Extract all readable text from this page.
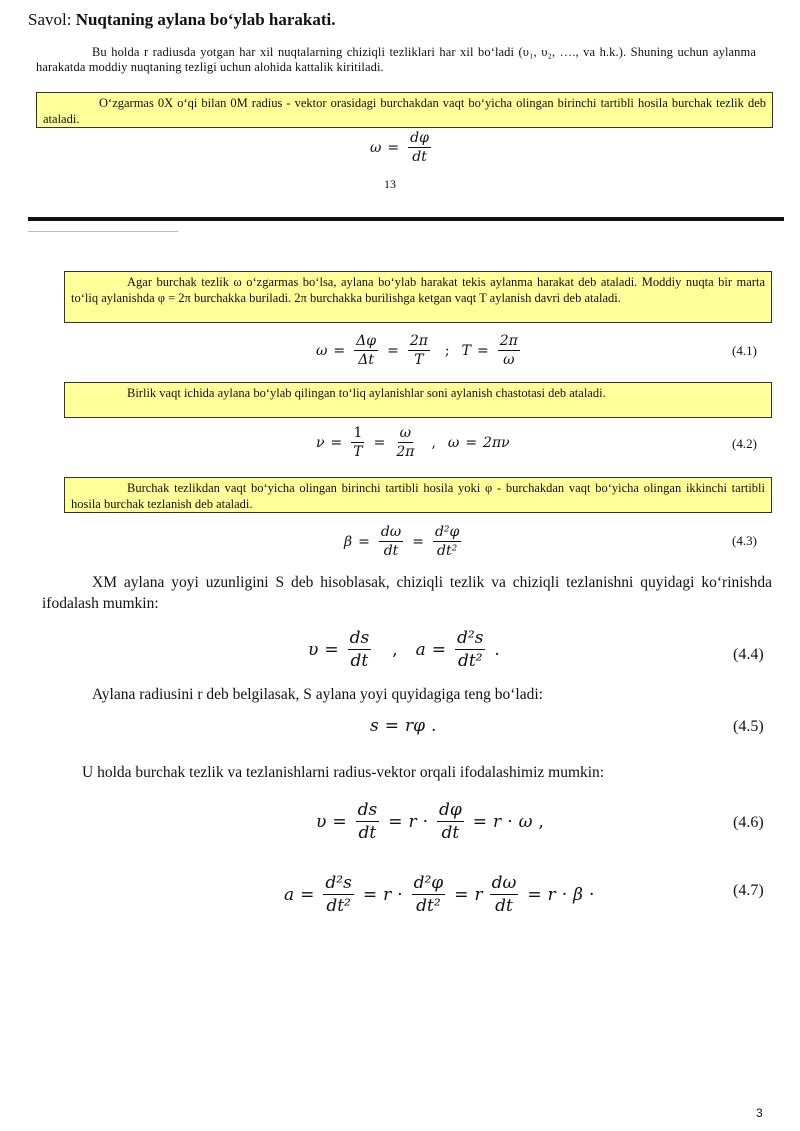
Savol: Nuqtaning aylana bo‘ylab harakati.
Bu holda r radiusda yotgan har xil nuqtalarning chiziqli tezliklari har xil bo‘ladi (υ₁, υ₂, …., va h.k.). Shuning uchun aylanma harakatda moddiy nuqtaning tezligi uchun alohida kattalik kiritiladi.
O‘zgarmas 0X o‘qi bilan 0M radius - vektor orasidagi burchakdan vaqt bo‘yicha olingan birinchi tartibli hosila burchak tezlik deb ataladi.
$\omega = \frac{d\varphi}{dt}$
13
Agar burchak tezlik ω o‘zgarmas bo‘lsa, aylana bo‘ylab harakat tekis aylanma harakat deb ataladi. Moddiy nuqta bir marta to‘liq aylanishda φ = 2π burchakka buriladi. 2π burchakka burilishga ketgan vaqt T aylanish davri deb ataladi.
$\omega = \frac{\Delta\varphi}{\Delta t} = \frac{2\pi}{T}$ ; $T = \frac{2\pi}{\omega}$	(4.1)
Birlik vaqt ichida aylana bo‘ylab qilingan to‘liq aylanishlar soni aylanish chastotasi deb ataladi.
$\nu = \frac{1}{T} = \frac{\omega}{2\pi}$ , ω = 2πν	(4.2)
Burchak tezlikdan vaqt bo‘yicha olingan birinchi tartibli hosila yoki φ - burchakdan vaqt bo‘yicha olingan ikkinchi tartibli hosila burchak tezlanish deb ataladi.
$\beta = \frac{d\omega}{dt} = \frac{\text{d²φ}}{\text{dt²}}$	(4.3)
XM aylana yoyi uzunligini S deb hisoblasak, chiziqli tezlik va chiziqli tezlanishni quyidagi ko‘rinishda ifodalash mumkin:
$\upsilon = \frac{ds}{dt}$ , $a = \frac{\text{d²s}}{\text{dt²}}$ .	(4.4)
Aylana radiusini r deb belgilasak, S aylana yoyi quyidagiga teng bo‘ladi:
s = rφ .	(4.5)
U holda burchak tezlik va tezlanishlarni radius-vektor orqali ifodalashimiz mumkin:
$\upsilon = \frac{ds}{dt} = r \cdot \frac{d\varphi}{dt} = r \cdot \omega$ ,	(4.6)
$a = \frac{\text{d²s}}{\text{dt²}} = r \cdot \frac{\text{d²φ}}{\text{dt²}} = r \frac{d\omega}{dt} = r \cdot \beta$ ·	(4.7)
3
